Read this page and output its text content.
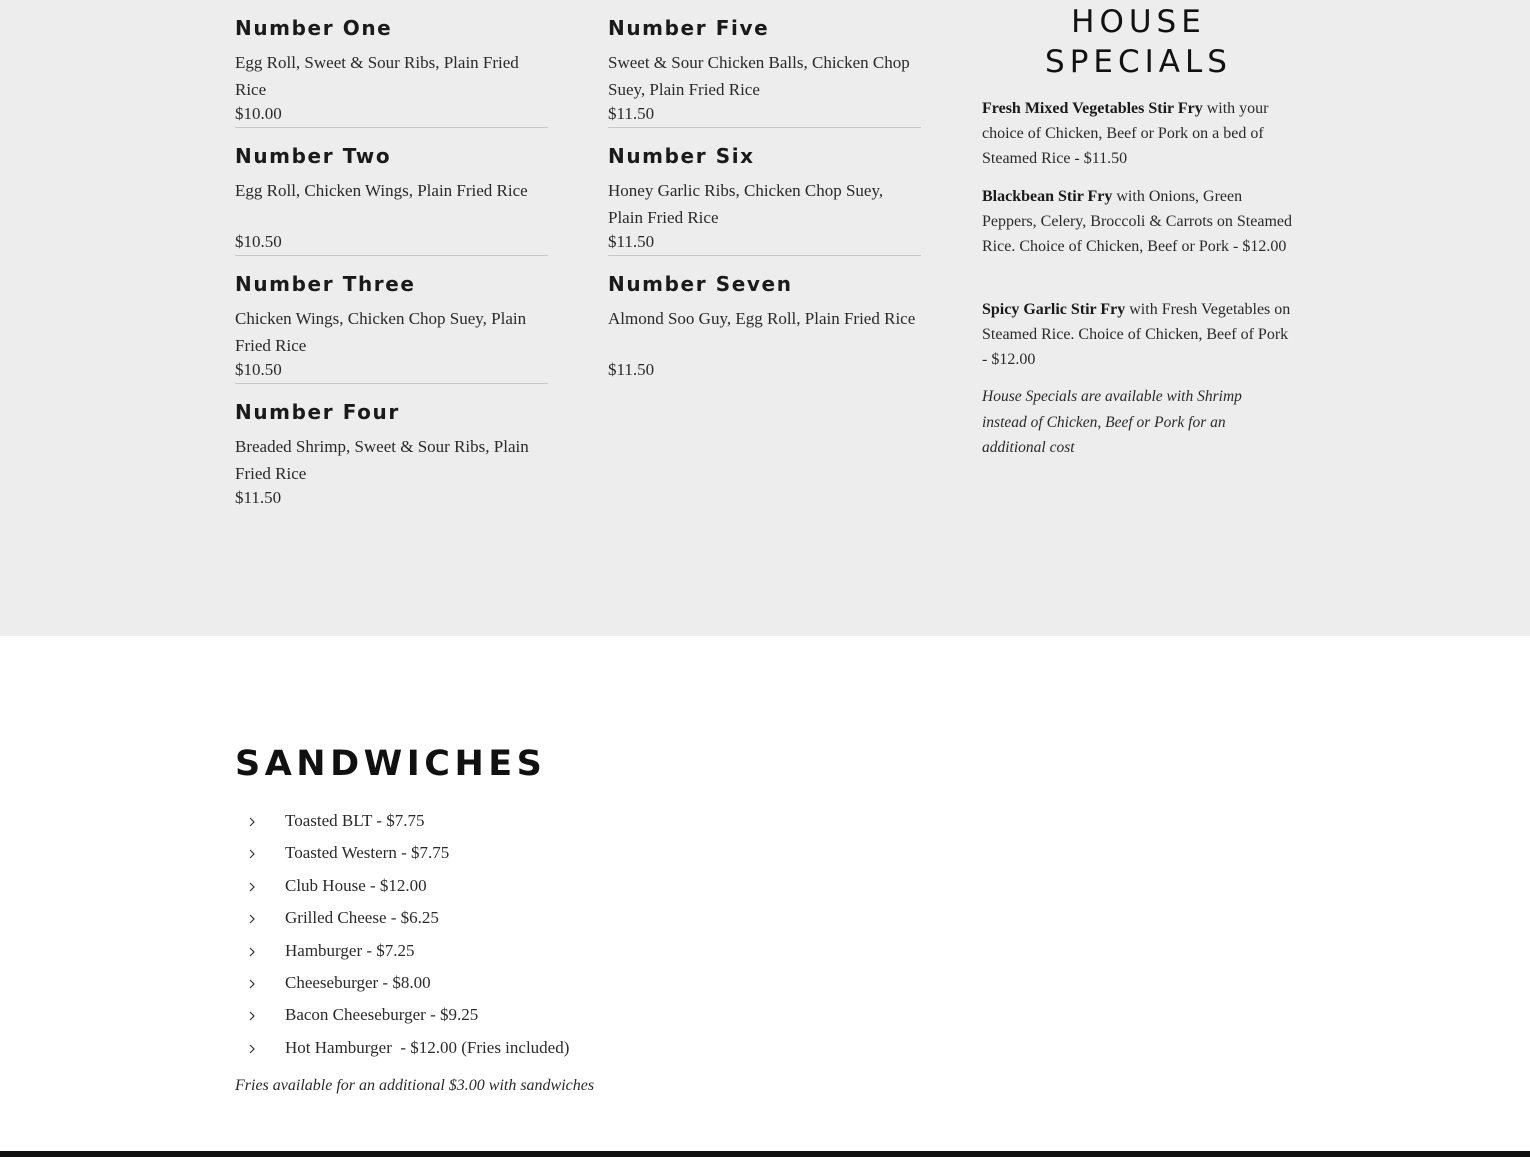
Number One
Egg Roll, Sweet & Sour Ribs, Plain Fried Rice
$10.00
Number Two
Egg Roll, Chicken Wings, Plain Fried Rice
$10.50
Number Three
Chicken Wings, Chicken Chop Suey, Plain Fried Rice
$10.50
Number Four
Breaded Shrimp, Sweet & Sour Ribs, Plain Fried Rice
$11.50
Number Five
Sweet & Sour Chicken Balls, Chicken Chop Suey, Plain Fried Rice
$11.50
Number Six
Honey Garlic Ribs, Chicken Chop Suey, Plain Fried Rice
$11.50
Number Seven
Almond Soo Guy, Egg Roll, Plain Fried Rice
$11.50
HOUSE SPECIALS
Fresh Mixed Vegetables Stir Fry with your choice of Chicken, Beef or Pork on a bed of Steamed Rice - $11.50
Blackbean Stir Fry with Onions, Green Peppers, Celery, Broccoli & Carrots on Steamed Rice. Choice of Chicken, Beef or Pork - $12.00
Spicy Garlic Stir Fry with Fresh Vegetables on Steamed Rice. Choice of Chicken, Beef of Pork - $12.00
House Specials are available with Shrimp instead of Chicken, Beef or Pork for an additional cost
SANDWICHES

Toasted BLT - $7.75

Toasted Western - $7.75

Club House - $12.00

Grilled Cheese - $6.25

Hamburger - $7.25

Cheeseburger - $8.00

Bacon Cheeseburger - $9.25

Hot Hamburger  - $12.00 (Fries included)

Fries available for an additional $3.00 with sandwiches
